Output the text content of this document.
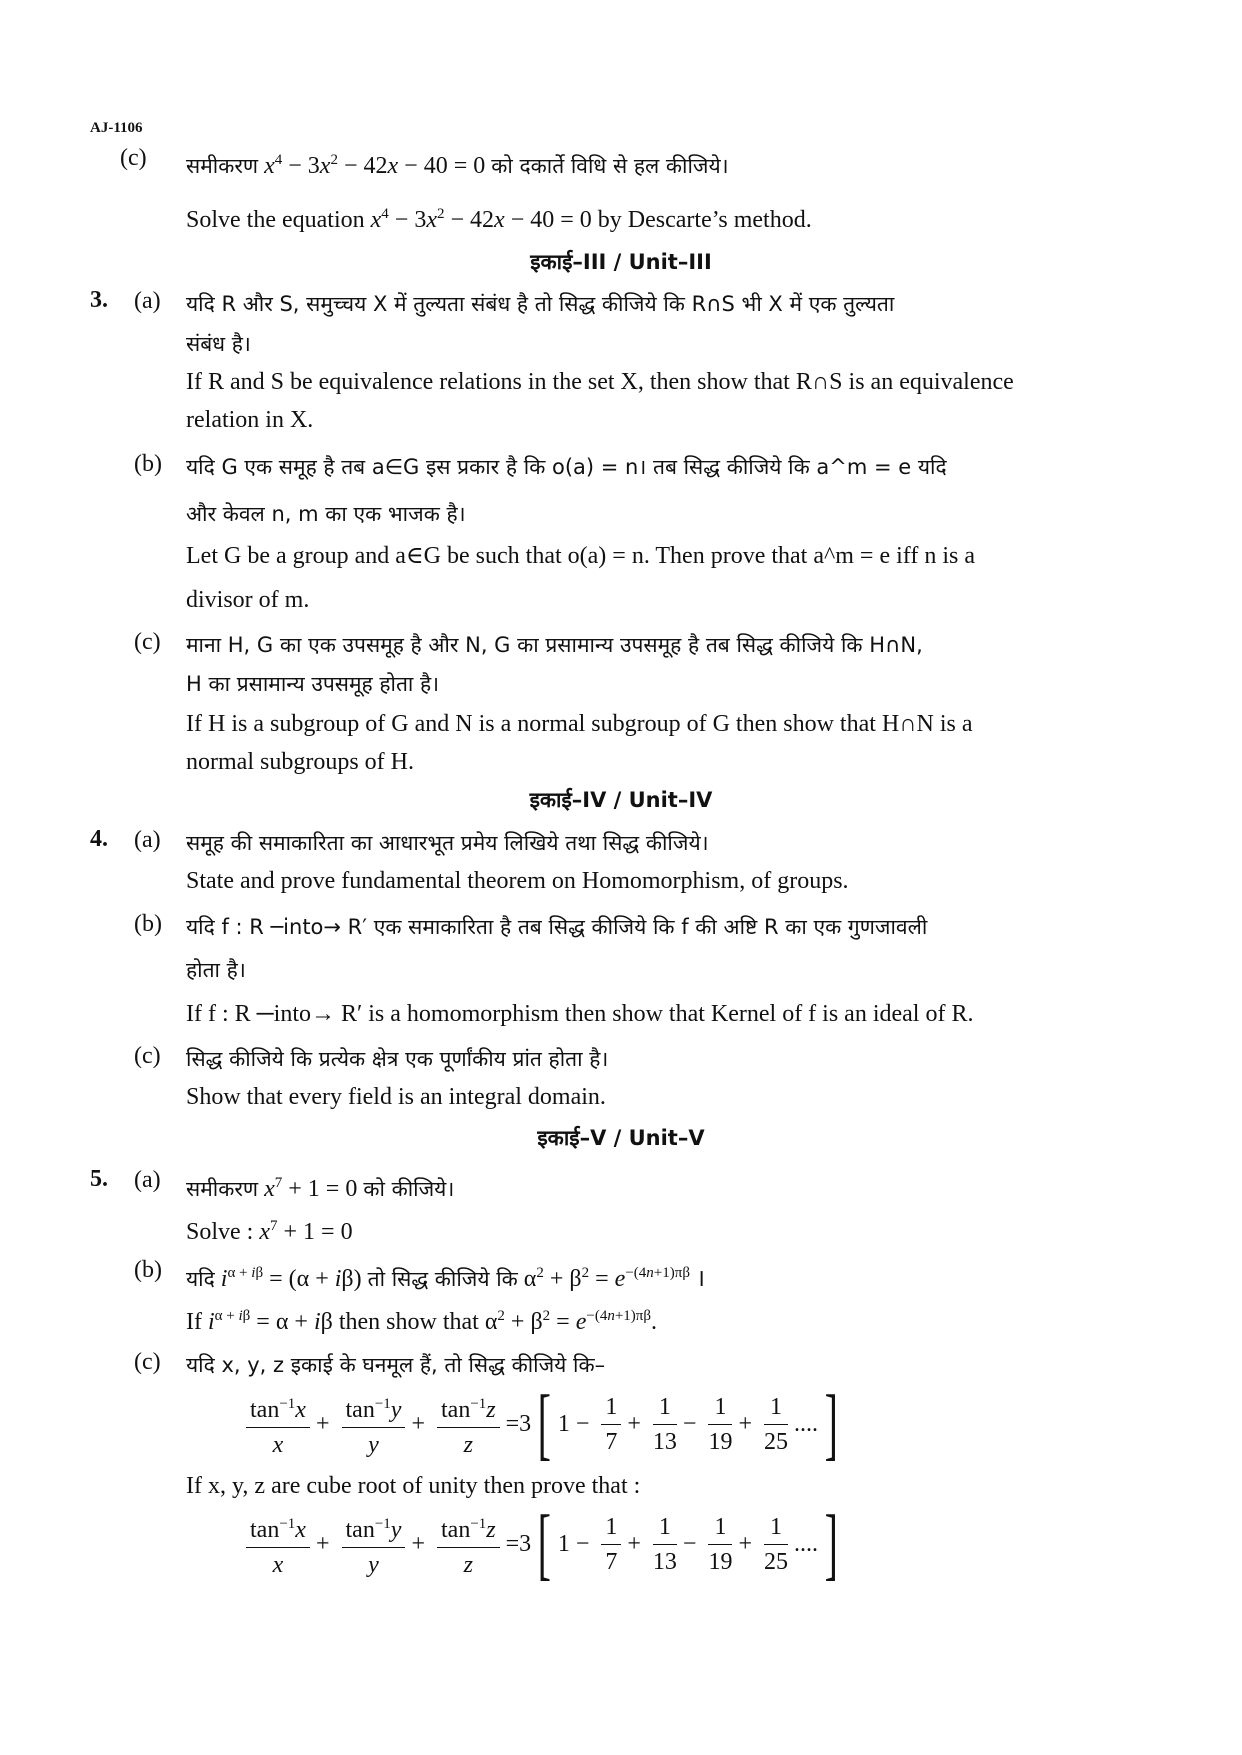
AJ-1106
(c) समीकरण $x^4 - 3x^2 - 42x - 40 = 0$ को दकार्ते विधि से हल कीजिये।
Solve the equation $x^4 - 3x^2 - 42x - 40 = 0$ by Descarte’s method.
इकाई–III / Unit–III
3. (a) यदि R और S, समुच्चय X में तुल्यता संबंध है तो सिद्ध कीजिये कि R∩S भी X में एक तुल्यता
संबंध है।
If R and S be equivalence relations in the set X, then show that R∩S is an equivalence
relation in X.
(b) यदि G एक समूह है तब a∈G इस प्रकार है कि o(a) = n। तब सिद्ध कीजिये कि a^m = e यदि
और केवल n, m का एक भाजक है।
Let G be a group and a∈G be such that o(a) = n. Then prove that a^m = e iff n is a
divisor of m.
(c) माना H, G का एक उपसमूह है और N, G का प्रसामान्य उपसमूह है तब सिद्ध कीजिये कि H∩N,
H का प्रसामान्य उपसमूह होता है।
If H is a subgroup of G and N is a normal subgroup of G then show that H∩N is a
normal subgroups of H.
इकाई–IV / Unit–IV
4. (a) समूह की समाकारिता का आधारभूत प्रमेय लिखिये तथा सिद्ध कीजिये।
State and prove fundamental theorem on Homomorphism, of groups.
(b) यदि f : R ─into→ R′ एक समाकारिता है तब सिद्ध कीजिये कि f की अष्टि R का एक गुणजावली
होता है।
If f : R ─into→ R′ is a homomorphism then show that Kernel of f is an ideal of R.
(c) सिद्ध कीजिये कि प्रत्येक क्षेत्र एक पूर्णांकीय प्रांत होता है।
Show that every field is an integral domain.
इकाई–V / Unit–V
5. (a) समीकरण $x^7 + 1 = 0$ को कीजिये।
Solve : $x^7 + 1 = 0$
(b) यदि $i^{\alpha + i\beta} = (\alpha + i\beta)$ तो सिद्ध कीजिये कि $\alpha^2 + \beta^2 = e^{-(4n+1)\pi\beta}$ ।
If $i^{\alpha + i\beta} = \alpha + i\beta$ then show that $\alpha^2 + \beta^2 = e^{-(4n+1)\pi\beta}$.
(c) यदि x, y, z इकाई के घनमूल हैं, तो सिद्ध कीजिये कि–
$\frac{\tan^{-1}x}{x} + \frac{\tan^{-1}y}{y} + \frac{\tan^{-1}z}{z} =3$[ $1 - \frac{1}{7} + \frac{1}{13} - \frac{1}{19} + \frac{1}{25}$ ....]
If x, y, z are cube root of unity then prove that :
$\frac{\tan^{-1}x}{x} + \frac{\tan^{-1}y}{y} + \frac{\tan^{-1}z}{z} =3$[ $1 - \frac{1}{7} + \frac{1}{13} - \frac{1}{19} + \frac{1}{25}$ ....]
